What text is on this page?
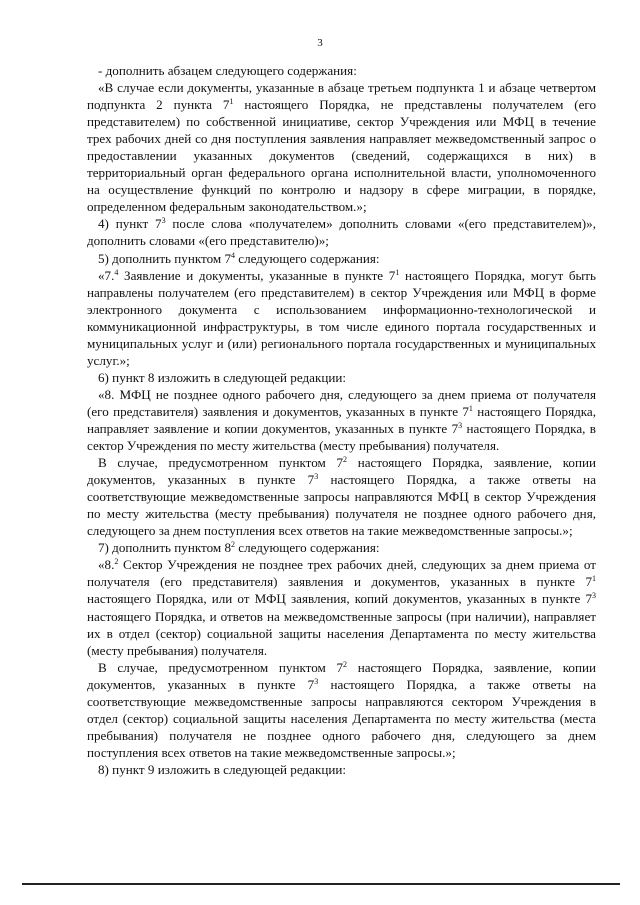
3

- дополнить абзацем следующего содержания:

«В случае если документы, указанные в абзаце третьем подпункта 1 и абзаце четвертом подпункта 2 пункта $7^1$ настоящего Порядка, не представлены получателем (его представителем) по собственной инициативе, сектор Учреждения или МФЦ в течение трех рабочих дней со дня поступления заявления направляет межведомственный запрос о предоставлении указанных документов (сведений, содержащихся в них) в территориальный орган федерального органа исполнительной власти, уполномоченного на осуществление функций по контролю и надзору в сфере миграции, в порядке, определенном федеральным законодательством.»;

4) пункт $7^3$ после слова «получателем» дополнить словами «(его представителем)», дополнить словами «(его представителю)»;

5) дополнить пунктом $7^4$ следующего содержания:

«7.$^4$ Заявление и документы, указанные в пункте $7^1$ настоящего Порядка, могут быть направлены получателем (его представителем) в сектор Учреждения или МФЦ в форме электронного документа с использованием информационно-технологической и коммуникационной инфраструктуры, в том числе единого портала государственных и муниципальных услуг и (или) регионального портала государственных и муниципальных услуг.»;

6) пункт 8 изложить в следующей редакции:

«8. МФЦ не позднее одного рабочего дня, следующего за днем приема от получателя (его представителя) заявления и документов, указанных в пункте $7^1$ настоящего Порядка, направляет заявление и копии документов, указанных в пункте $7^3$ настоящего Порядка, в сектор Учреждения по месту жительства (месту пребывания) получателя.

В случае, предусмотренном пунктом $7^2$ настоящего Порядка, заявление, копии документов, указанных в пункте $7^3$ настоящего Порядка, а также ответы на соответствующие межведомственные запросы направляются МФЦ в сектор Учреждения по месту жительства (месту пребывания) получателя не позднее одного рабочего дня, следующего за днем поступления всех ответов на такие межведомственные запросы.»;

7) дополнить пунктом $8^2$ следующего содержания:

«8.$^2$ Сектор Учреждения не позднее трех рабочих дней, следующих за днем приема от получателя (его представителя) заявления и документов, указанных в пункте $7^1$ настоящего Порядка, или от МФЦ заявления, копий документов, указанных в пункте $7^3$ настоящего Порядка, и ответов на межведомственные запросы (при наличии), направляет их в отдел (сектор) социальной защиты населения Департамента по месту жительства (месту пребывания) получателя.

В случае, предусмотренном пунктом $7^2$ настоящего Порядка, заявление, копии документов, указанных в пункте $7^3$ настоящего Порядка, а также ответы на соответствующие межведомственные запросы направляются сектором Учреждения в отдел (сектор) социальной защиты населения Департамента по месту жительства (места пребывания) получателя не позднее одного рабочего дня, следующего за днем поступления всех ответов на такие межведомственные запросы.»;

8) пункт 9 изложить в следующей редакции:
